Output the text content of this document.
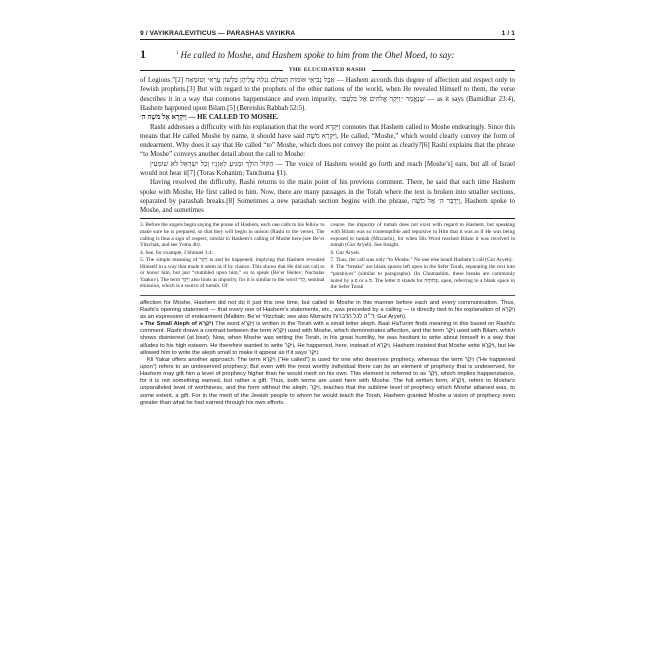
9 / VAYIKRA/LEVITICUS — PARASHAS VAYIKRA	1 / 1
1	$^1$ He called to Moshe, and Hashem spoke to him from the Ohel Moed, to say:
THE ELUCIDATED RASHI

of Legions.”[2] אֲבָל נְבִיאֵי אוּמוֹת הָעוֹלָם נִגְלָה עֲלֵיהֶן בְּלָשׁוֹן עֲרַאי וְטוּמְאָה — Hashem accords this degree of affection and respect only to Jewish prophets.[3] But with regard to the prophets of the other nations of the world, when He revealed Himself to them, the verse describes it in a way that connotes happenstance and even impurity, שֶׁנֶּאֱמַר ״וַיִּקָּר אֱלֹהִים אֶל בִּלְעָם״ — as it says (Bamidbar 23:4), Hashem happened upon Bilam.[5] (Bereishis Rabbah 52:5).

וַיִּקְרָא אֶל מֹשֶׁה ה׳ — HE CALLED TO MOSHE.

Rashi addresses a difficulty with his explanation that the word וַיִּקְרָא connotes that Hashem called to Moshe endearingly. Since this means that He called Moshe by name, it should have said וַיִּקְרָא מֹשֶׁה, He called, “Moshe,” which would clearly convey the form of endearment. Why does it say that He called “to” Moshe, which does not convey the point as clearly?[6] Rashi explains that the phrase “to Moshe” conveys another detail about the call to Moshe:

הַקּוֹל הוֹלֵךְ וּמַגִּיעַ לְאָזְנָיו וְכָל יִשְׂרָאֵל לֹא שׁוֹמְעִין — The voice of Hashem would go forth and reach [Moshe’s] ears, but all of Israel would not hear it[7] (Toras Kohanim; Tanchuma §1).

Having resolved the difficulty, Rashi returns to the main point of his previous comment. There, he said that each time Hashem spoke with Moshe, He first called to him. Now, there are many passages in the Torah where the text is broken into smaller sections, separated by parashah breaks.[8] Sometimes a new parashah section begins with the phrase, וַיְדַבֵּר ה׳ אֶל מֹשֶׁה, Hashem spoke to Moshe, and sometimes

3. Before the angels begin saying the praise of Hashem, each one calls to his fellow to make sure he is prepared, so that they will begin in unison (Rashi to the verse). The calling is thus a sign of respect, similar to Hashem’s calling of Moshe here (see Be’er Yitzchak, and see Yoma 4b).

4. See, for example, I Shmuel 3:4.

5. The simple meaning of וַיִּקָּר is and he happened, implying that Hashem revealed Himself in a way that made it seem as if by chance. This shows that He did not call to or honor him, but just “stumbled upon him,” so to speak (Be’er Heitev; Nachalas Yaakov). The term וַיִּקָּר also hints at impurity, for it is similar to the word קֶרִי, seminal emission, which is a source of tumah. Of

course, the impurity of tumah does not exist with regard to Hashem, but speaking with Bilam was so contemptible and repulsive to Him that it was as if He was being exposed to tumah (Mizrachi), for when His Word reached Bilam it was received in tumah (Gur Aryeh). See Insight.

6. Gur Aryeh.

7. Thus, the call was only “to Moshe.” No one else heard Hashem’s call (Gur Aryeh).

8. The “breaks” are blank spaces left open in the Sefer Torah, separating the text into “parshiyos” (similar to paragraphs). (In Chumashim, these breaks are commonly noted by a פ or a ס. The letter פ stands for פְּתוּחָה, open, referring to a blank space in the Sefer Torah

affection for Moshe, Hashem did not do it just this one time, but called to Moshe in this manner before each and every communication. Thus, Rashi’s opening statement — that every one of Hashem’s statements, etc., was preceded by a calling — is directly tied to his explanation of וַיִּקְרָא as an expression of endearment (Malbim; Be’er Yitzchak; see also Mizrachi ד״ה לכל הדברות; Gur Aryeh).

◂ The Small Aleph of וַיִּקְרָא The word וַיִּקְרָא is written in the Torah with a small letter aleph. Baal HaTurim finds meaning in this based on Rashi’s comment. Rashi draws a contrast between the term וַיִּקְרָא used with Moshe, which demonstrates affection, and the term וַיִּקָּר used with Bilam, which shows disinterest (at best). Now, when Moshe was writing the Torah, in his great humility, he was hesitant to write about himself in a way that alludes to his high esteem. He therefore wanted to write וַיִּקָּר, He happened, here, instead of וַיִּקְרָא. Hashem insisted that Moshe write וַיִּקְרָא, but He allowed him to write the aleph small to make it appear as if it says וַיִּקָּר.

Kli Yakar offers another approach. The term וַיִּקְרָא (“He called”) is used for one who deserves prophecy, whereas the term וַיִּקָּר (“He happened upon”) refers to an undeserved prophecy. But even with the most worthy individual there can be an element of prophecy that is undeserved, for Hashem may gift him a level of prophecy higher than he would merit on his own. This element is referred to as וַיִּקָּר, which implies happenstance, for it is not something earned, but rather a gift. Thus, both terms are used here with Moshe. The full written form, וַיִּקְרָא, refers to Moshe’s unparalleled level of worthiness, and the form without the aleph, וַיִּקָּר, teaches that the sublime level of prophecy which Moshe attained was, to some extent, a gift. For in the merit of the Jewish people to whom he would teach the Torah, Hashem granted Moshe a vision of prophecy even greater than what he had earned through his own efforts.
